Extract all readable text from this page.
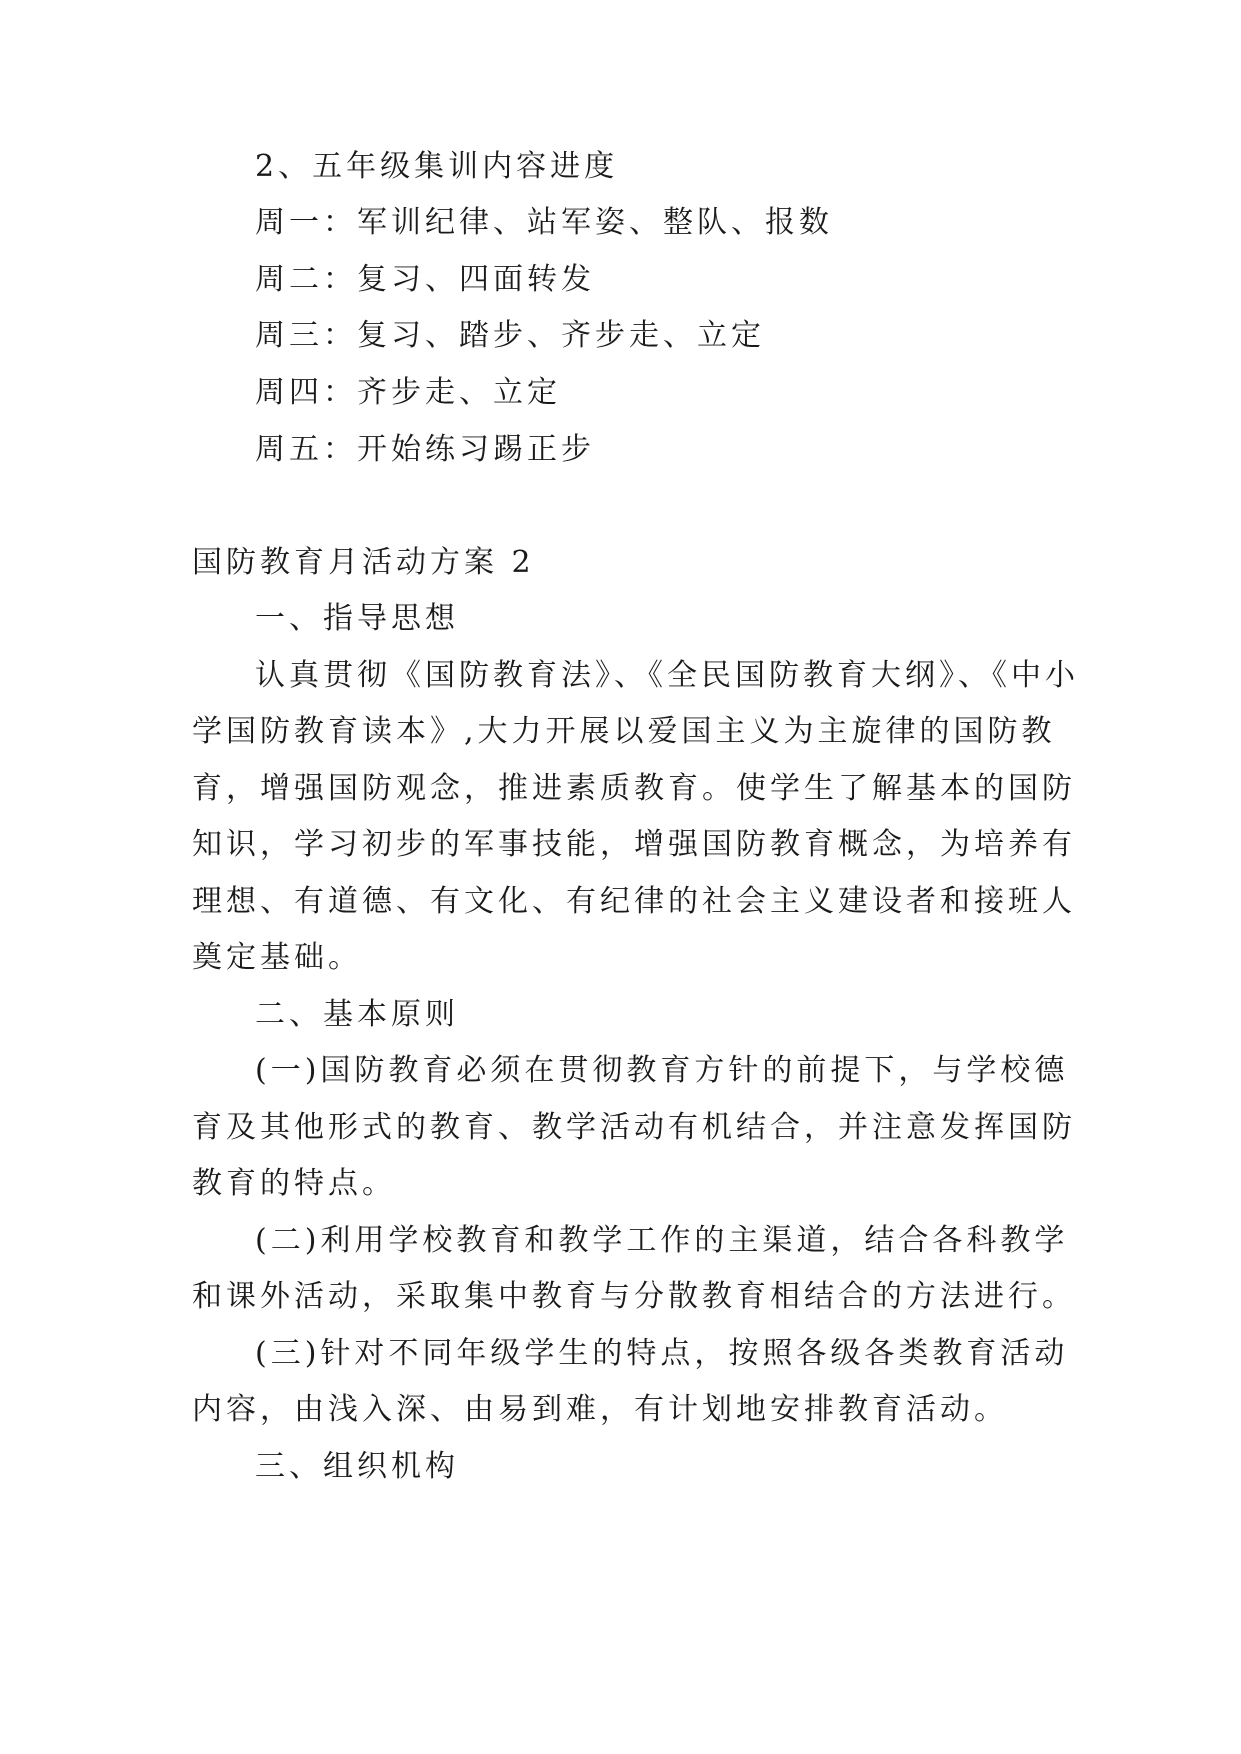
2、五年级集训内容进度
周一：军训纪律、站军姿、整队、报数
周二：复习、四面转发
周三：复习、踏步、齐步走、立定
周四：齐步走、立定
周五：开始练习踢正步
国防教育月活动方案 2
一、指导思想
认真贯彻《国防教育法》、《全民国防教育大纲》、《中小
学国防教育读本》,大力开展以爱国主义为主旋律的国防教
育，增强国防观念，推进素质教育。使学生了解基本的国防
知识，学习初步的军事技能，增强国防教育概念，为培养有
理想、有道德、有文化、有纪律的社会主义建设者和接班人
奠定基础。
二、基本原则
(一)国防教育必须在贯彻教育方针的前提下，与学校德
育及其他形式的教育、教学活动有机结合，并注意发挥国防
教育的特点。
(二)利用学校教育和教学工作的主渠道，结合各科教学
和课外活动，采取集中教育与分散教育相结合的方法进行。
(三)针对不同年级学生的特点，按照各级各类教育活动
内容，由浅入深、由易到难，有计划地安排教育活动。
三、组织机构
